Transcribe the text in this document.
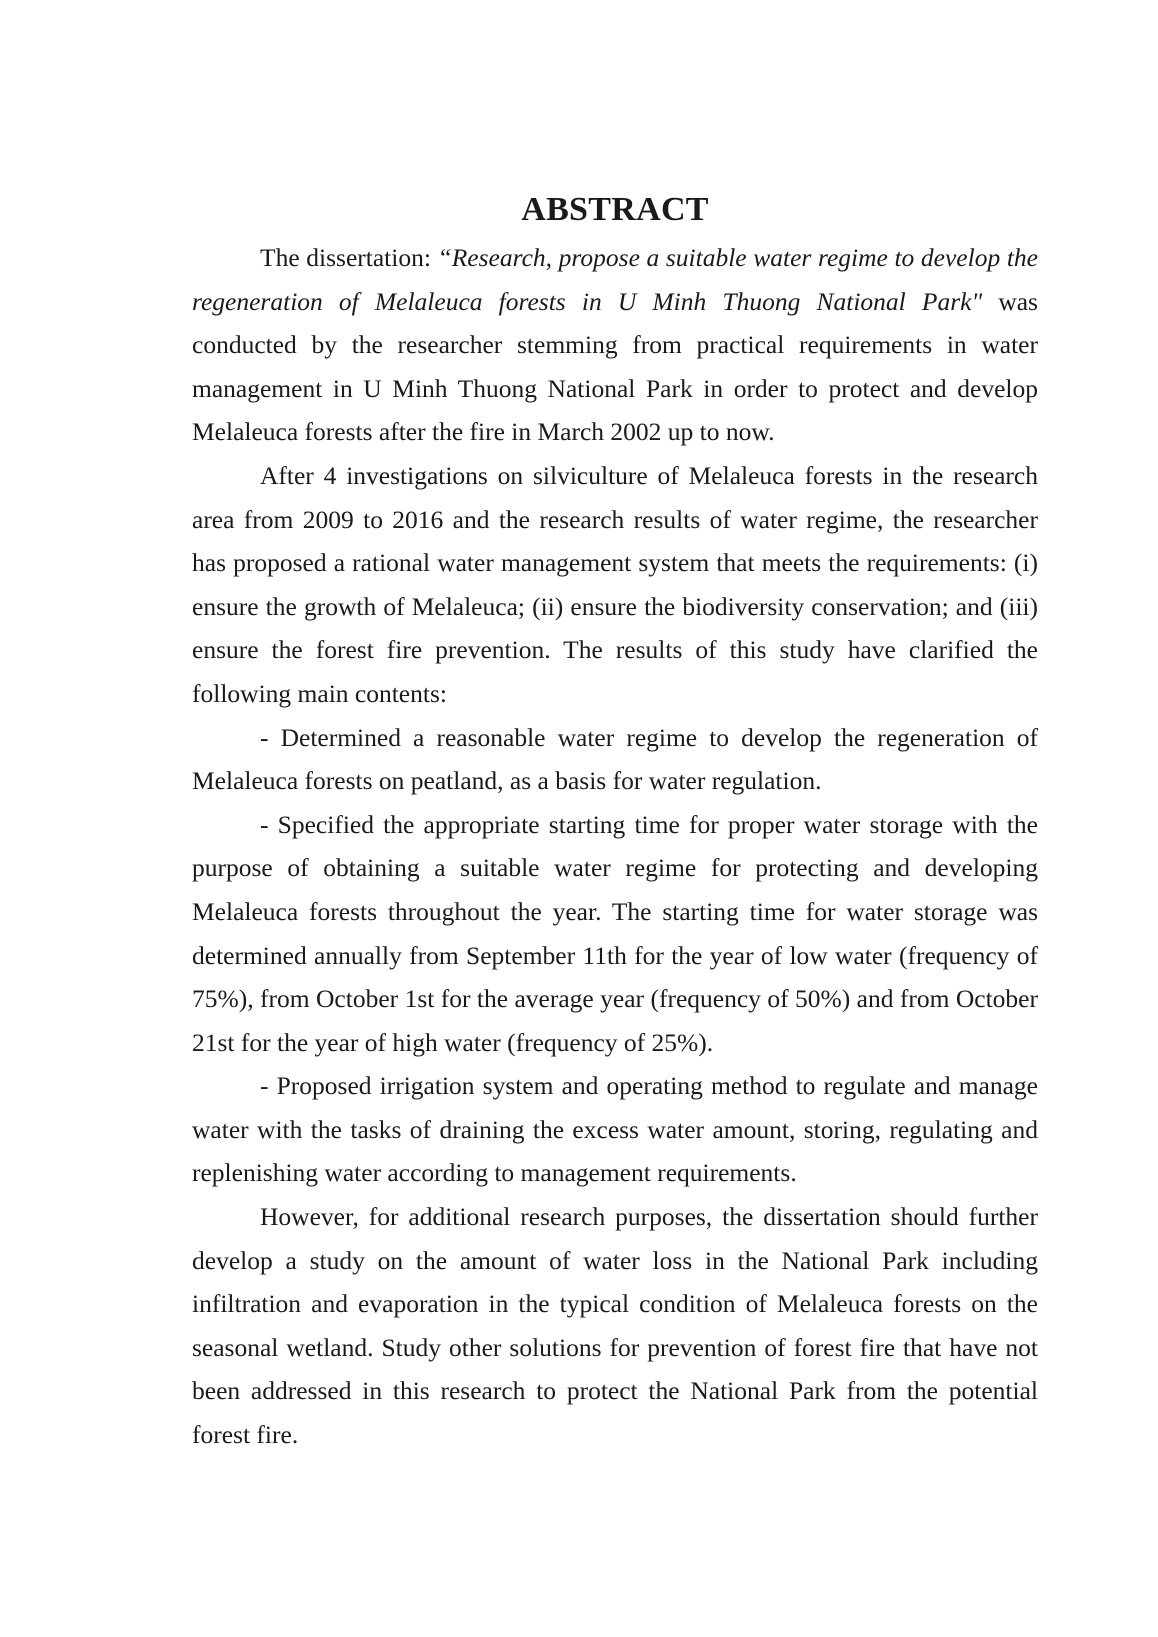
ABSTRACT

The dissertation: “Research, propose a suitable water regime to develop the regeneration of Melaleuca forests in U Minh Thuong National Park" was conducted by the researcher stemming from practical requirements in water management in U Minh Thuong National Park in order to protect and develop Melaleuca forests after the fire in March 2002 up to now.

After 4 investigations on silviculture of Melaleuca forests in the research area from 2009 to 2016 and the research results of water regime, the researcher has proposed a rational water management system that meets the requirements: (i) ensure the growth of Melaleuca; (ii) ensure the biodiversity conservation; and (iii) ensure the forest fire prevention. The results of this study have clarified the following main contents:

- Determined a reasonable water regime to develop the regeneration of Melaleuca forests on peatland, as a basis for water regulation.

- Specified the appropriate starting time for proper water storage with the purpose of obtaining a suitable water regime for protecting and developing Melaleuca forests throughout the year. The starting time for water storage was determined annually from September 11th for the year of low water (frequency of 75%), from October 1st for the average year (frequency of 50%) and from October 21st for the year of high water (frequency of 25%).

- Proposed irrigation system and operating method to regulate and manage water with the tasks of draining the excess water amount, storing, regulating and replenishing water according to management requirements.

However, for additional research purposes, the dissertation should further develop a study on the amount of water loss in the National Park including infiltration and evaporation in the typical condition of Melaleuca forests on the seasonal wetland. Study other solutions for prevention of forest fire that have not been addressed in this research to protect the National Park from the potential forest fire.
